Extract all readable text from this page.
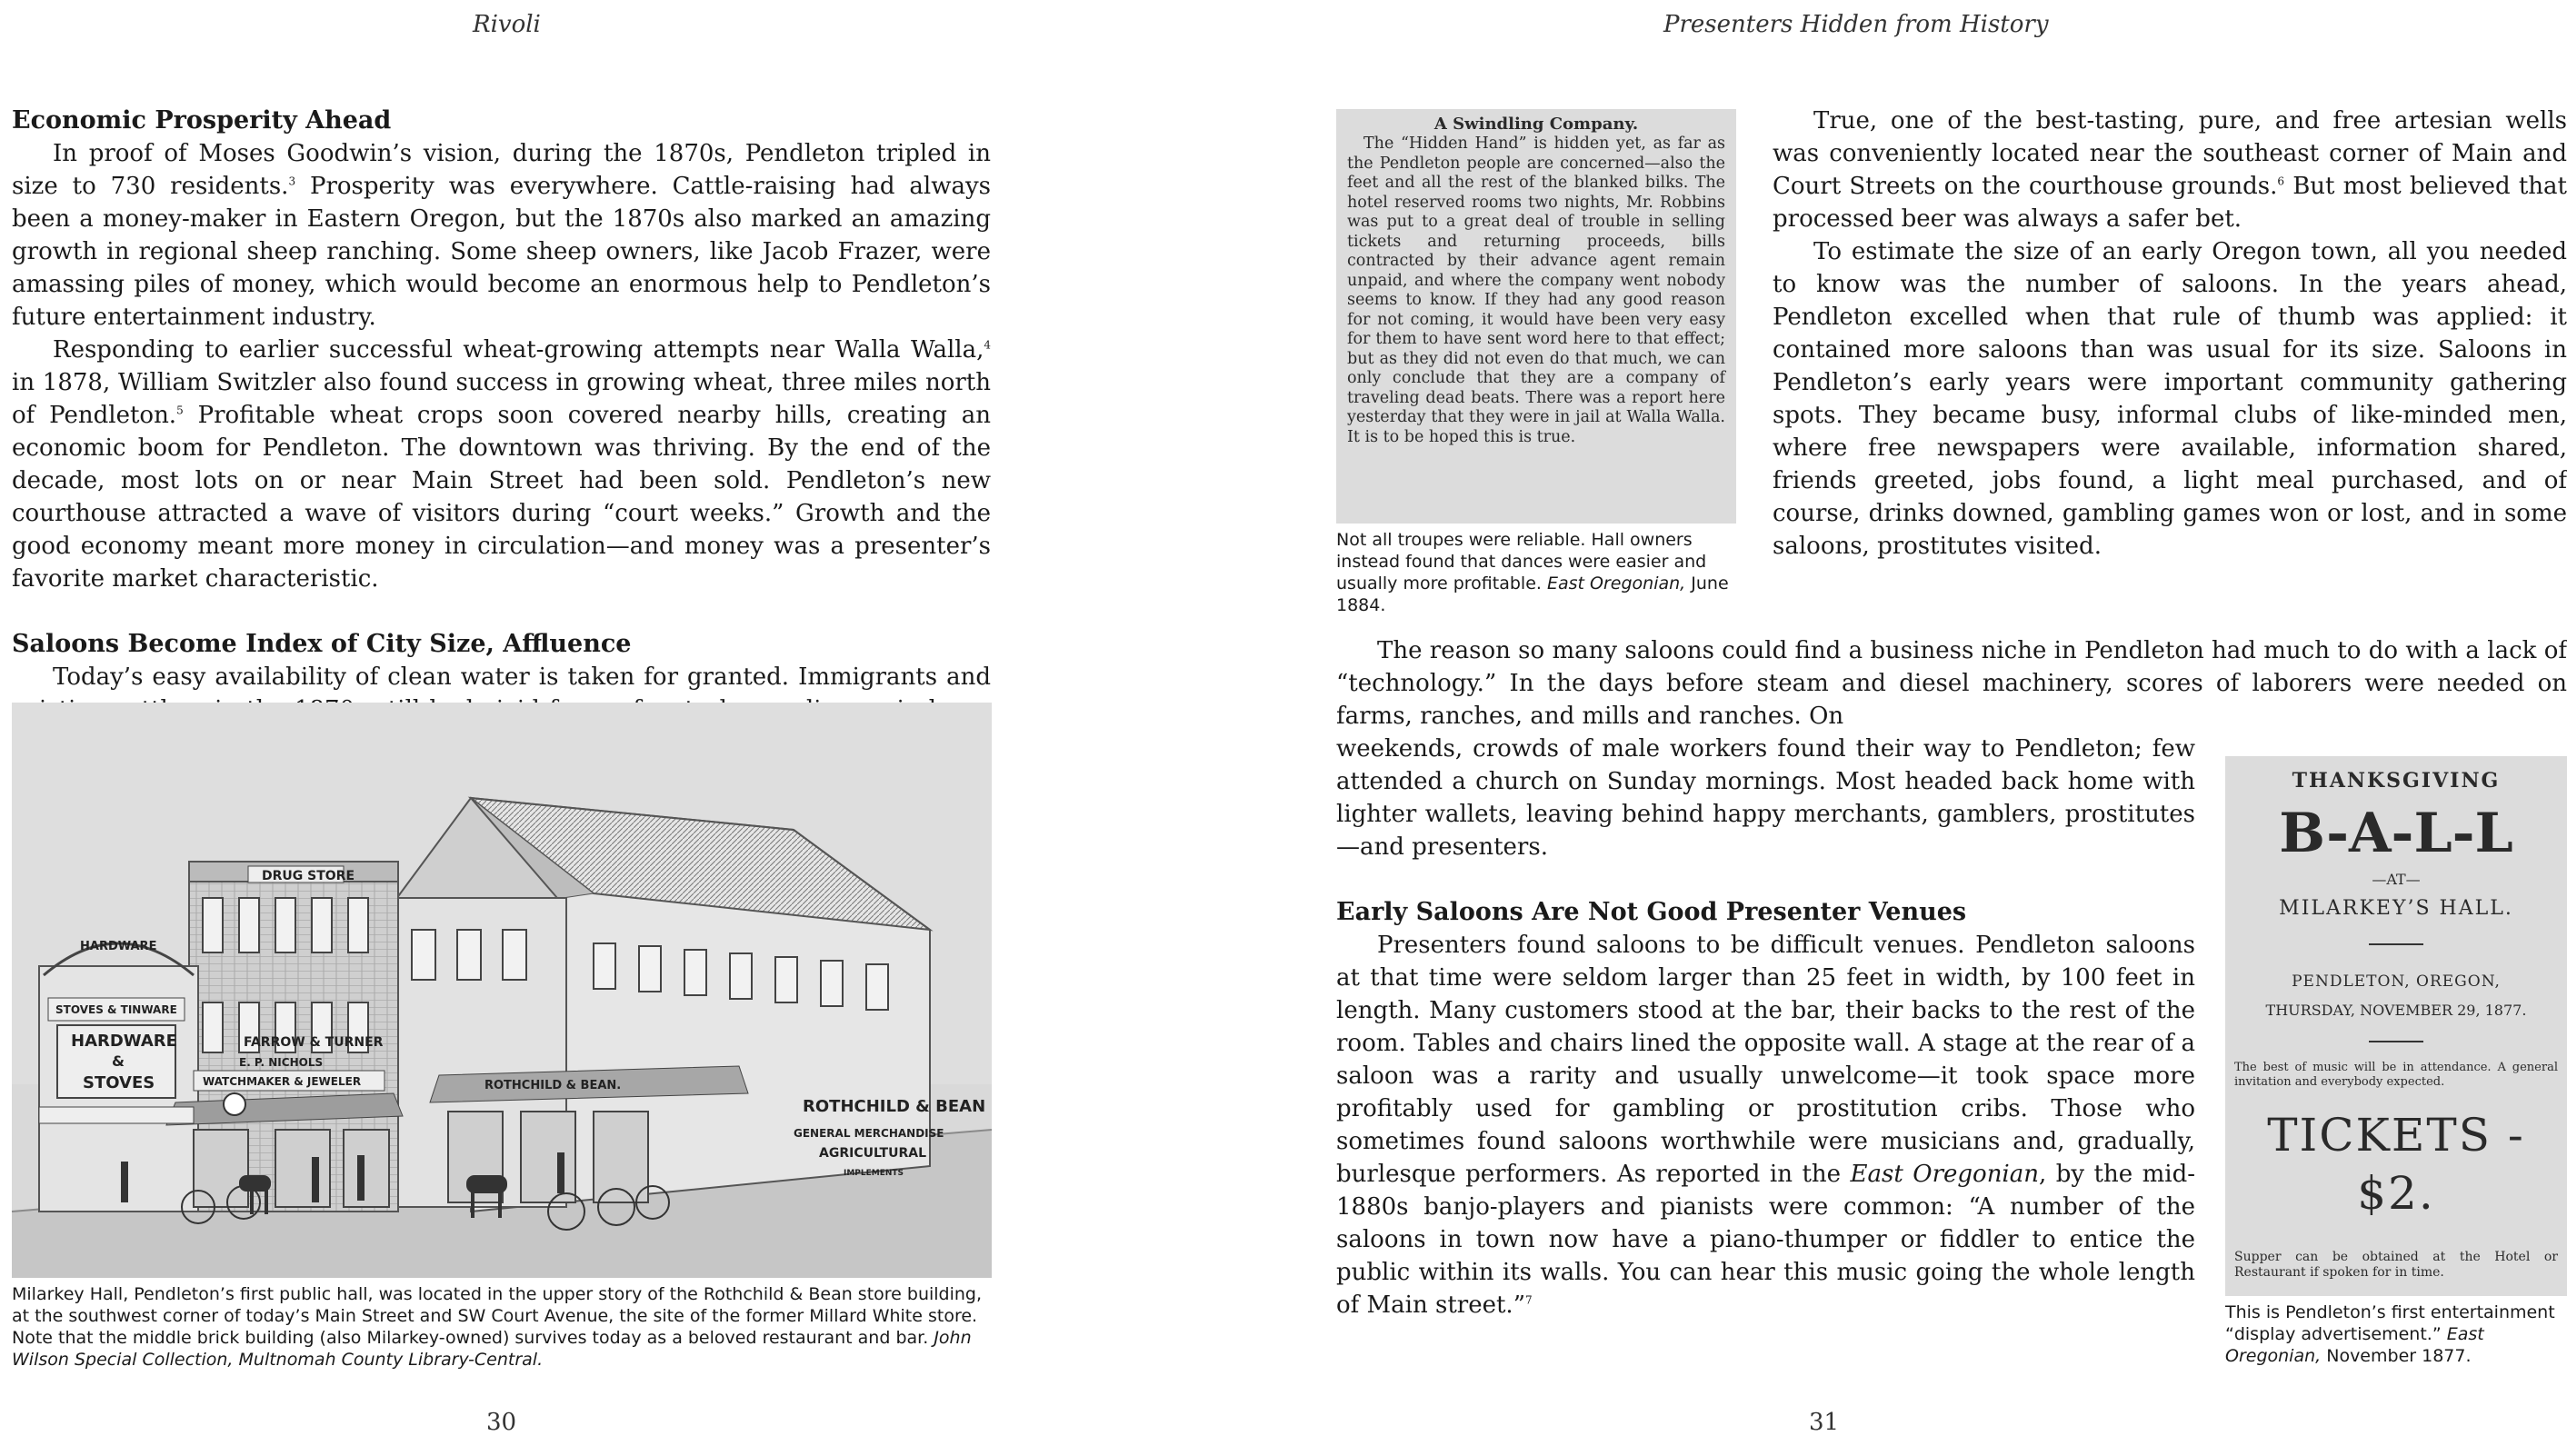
Rivoli

Economic Prosperity Ahead

In proof of Moses Goodwin’s vision, during the 1870s, Pendleton tripled in size to 730 residents.$^3$ Prosperity was everywhere. Cattle-raising had always been a money-maker in Eastern Oregon, but the 1870s also marked an amazing growth in regional sheep ranching. Some sheep owners, like Jacob Frazer, were amassing piles of money, which would become an enormous help to Pendleton’s future entertainment industry.

Responding to earlier successful wheat-growing attempts near Walla Walla,$^4$ in 1878, William Switzler also found success in growing wheat, three miles north of Pendleton.$^5$ Profitable wheat crops soon covered nearby hills, creating an economic boom for Pendleton. The downtown was thriving. By the end of the decade, most lots on or near Main Street had been sold. Pendleton’s new courthouse attracted a wave of visitors during “court weeks.” Growth and the good economy meant more money in circulation—and money was a presenter’s favorite market characteristic.

Saloons Become Index of City Size, Affluence

Today’s easy availability of clean water is taken for granted. Immigrants and

DRUG STORE
HARDWARE
STOVES & TINWARE
HARDWARE
&
STOVES
FARROW & TURNER
E. P. NICHOLS
WATCHMAKER & JEWELER	ROTHCHILD & BEAN.
ROTHCHILD & BEAN
GENERAL MERCHANDISE
AGRICULTURAL
IMPLEMENTS
Milarkey Hall, Pendleton’s first public hall, was located in the upper story of the Rothchild & Bean store building, at the southwest corner of today’s Main Street and SW Court Avenue, the site of the former Millard White store. Note that the middle brick building (also Milarkey-owned) survives today as a beloved restaurant and bar. John Wilson Special Collection, Multnomah County Library-Central.
30
Presenters Hidden from History
A Swindling Company.
The “Hidden Hand” is hidden yet, as far as the Pendleton people are concerned—also the feet and all the rest of the blanked bilks. The hotel reserved rooms two nights, Mr. Robbins was put to a great deal of trouble in selling tickets and returning proceeds, bills contracted by their advance agent remain unpaid, and where the company went nobody seems to know. If they had any good reason for not coming, it would have been very easy for them to have sent word here to that effect; but as they did not even do that much, we can only conclude that they are a company of traveling dead beats. There was a report here yesterday that they were in jail at Walla Walla. It is to be hoped this is true.
Not all troupes were reliable. Hall owners instead found that dances were easier and usually more profitable. East Oregonian, June 1884.

True, one of the best-tasting, pure, and free artesian wells was conveniently located near the southeast corner of Main and Court Streets on the courthouse grounds.$^6$ But most believed that processed beer was always a safer bet.

To estimate the size of an early Oregon town, all you needed to know was the number of saloons. In the years ahead, Pendleton excelled when that rule of thumb was applied: it contained more saloons than was usual for its size. Saloons in Pendleton’s early years were important community gathering spots. They became busy, informal clubs of like-minded men, where free newspapers were available, information shared, friends greeted, jobs found, a light meal purchased, and of course, drinks downed, gambling games won or lost, and in some saloons, prostitutes visited.

The reason so many saloons could find a business niche in Pendleton had much to do with a lack of “technology.” In the days before steam and diesel machinery, scores of laborers were needed on farms, ranches, and mills and ranches. On

weekends, crowds of male workers found their way to Pendleton; few attended a church on Sunday mornings. Most headed back home with lighter wallets, leaving behind happy merchants, gamblers, prostitutes—and presenters.

Early Saloons Are Not Good Presenter Venues

Presenters found saloons to be difficult venues. Pendleton saloons at that time were seldom larger than 25 feet in width, by 100 feet in length. Many customers stood at the bar, their backs to the rest of the room. Tables and chairs lined the opposite wall. A stage at the rear of a saloon was a rarity and usually unwelcome—it took space more profitably used for gambling or prostitution cribs. Those who sometimes found saloons worthwhile were musicians and, gradually, burlesque performers. As reported in the East Oregonian, by the mid-1880s banjo-players and pianists were common: “A number of the saloons in town now have a piano-thumper or fiddler to entice the public within its walls. You can hear this music going the whole length of Main street.”$^7$

THANKSGIVING
B-A-L-L
—AT—
MILARKEY’S HALL.
PENDLETON, OREGON,
THURSDAY, NOVEMBER 29, 1877.
The best of music will be in attendance. A general invitation and everybody expected.
TICKETS - $2.
Supper can be obtained at the Hotel or Restaurant if spoken for in time.
This is Pendleton’s first entertainment “display advertisement.” East Oregonian, November 1877.
31
